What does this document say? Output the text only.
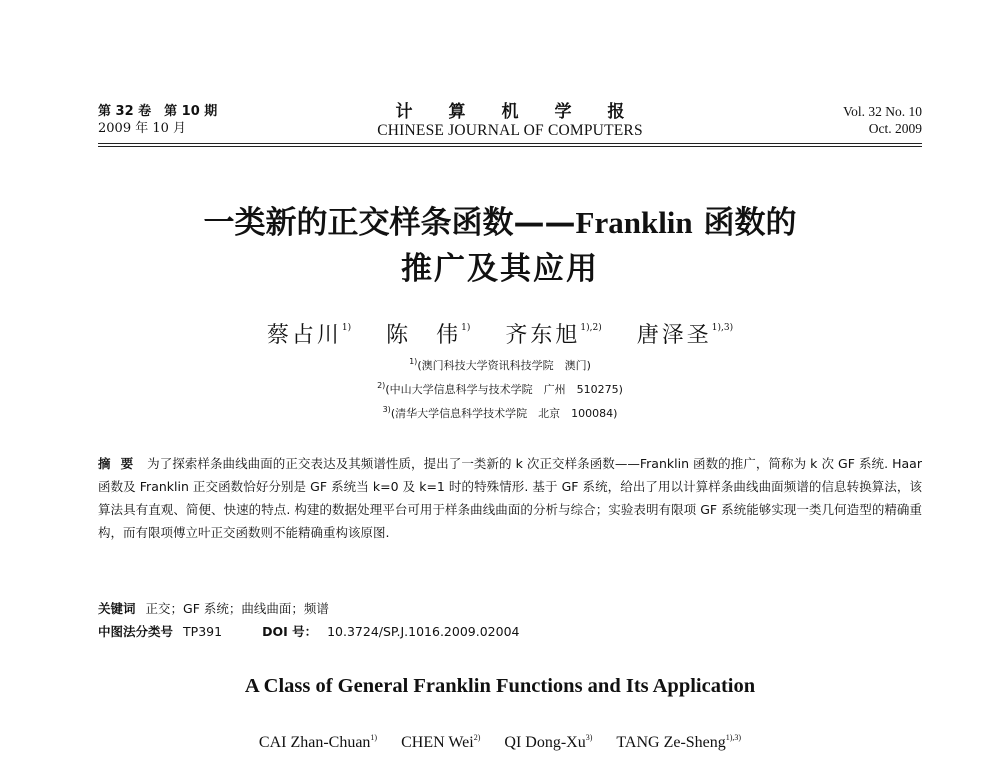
第 32 卷　第 10 期
2009 年 10 月
计算机学报
CHINESE JOURNAL OF COMPUTERS
Vol. 32 No. 10
Oct. 2009
一类新的正交样条函数——Franklin 函数的
推广及其应用
蔡占川$^{1)}$ 陈　伟$^{1)}$ 齐东旭$^{1),2)}$ 唐泽圣$^{1),3)}$
$^{1)}$(澳门科技大学资讯科技学院　澳门)
$^{2)}$(中山大学信息科学与技术学院　广州　510275)
$^{3)}$(清华大学信息科学技术学院　北京　100084)
摘要 为了探索样条曲线曲面的正交表达及其频谱性质，提出了一类新的 k 次正交样条函数——Franklin 函数的推广，简称为 k 次 GF 系统. Haar 函数及 Franklin 正交函数恰好分别是 GF 系统当 k=0 及 k=1 时的特殊情形. 基于 GF 系统，给出了用以计算样条曲线曲面频谱的信息转换算法，该算法具有直观、简便、快速的特点. 构建的数据处理平台可用于样条曲线曲面的分析与综合；实验表明有限项 GF 系统能够实现一类几何造型的精确重构，而有限项傅立叶正交函数则不能精确重构该原图.
关键词 正交；GF 系统；曲线曲面；频谱
中图法分类号 TP391	DOI 号： 10.3724/SP.J.1016.2009.02004
A Class of General Franklin Functions and Its Application
CAI Zhan-Chuan$^{1)}$ CHEN Wei$^{2)}$ QI Dong-Xu$^{3)}$ TANG Ze-Sheng$^{1),3)}$
